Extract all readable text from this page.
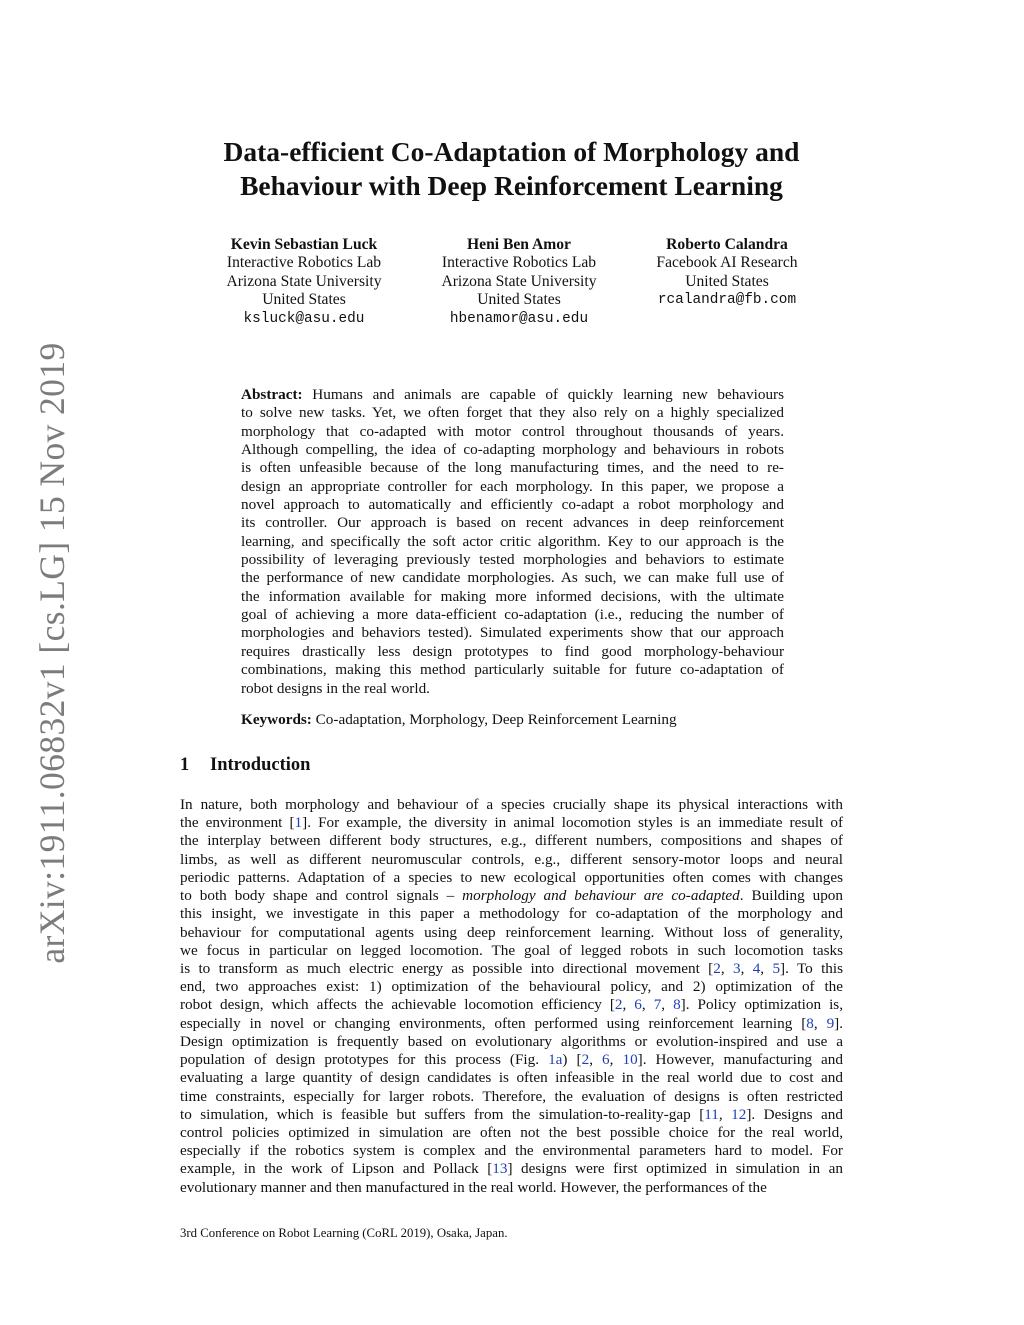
arXiv:1911.06832v1 [cs.LG] 15 Nov 2019
Data-efficient Co-Adaptation of Morphology and
Behaviour with Deep Reinforcement Learning
Kevin Sebastian Luck
Interactive Robotics Lab
Arizona State University
United States
ksluck@asu.edu
Heni Ben Amor
Interactive Robotics Lab
Arizona State University
United States
hbenamor@asu.edu
Roberto Calandra
Facebook AI Research
United States
rcalandra@fb.com
Abstract: Humans and animals are capable of quickly learning new behaviours
to solve new tasks. Yet, we often forget that they also rely on a highly specialized
morphology that co-adapted with motor control throughout thousands of years.
Although compelling, the idea of co-adapting morphology and behaviours in robots
is often unfeasible because of the long manufacturing times, and the need to re-
design an appropriate controller for each morphology. In this paper, we propose a
novel approach to automatically and efficiently co-adapt a robot morphology and
its controller. Our approach is based on recent advances in deep reinforcement
learning, and specifically the soft actor critic algorithm. Key to our approach is the
possibility of leveraging previously tested morphologies and behaviors to estimate
the performance of new candidate morphologies. As such, we can make full use of
the information available for making more informed decisions, with the ultimate
goal of achieving a more data-efficient co-adaptation (i.e., reducing the number of
morphologies and behaviors tested). Simulated experiments show that our approach
requires drastically less design prototypes to find good morphology-behaviour
combinations, making this method particularly suitable for future co-adaptation of
robot designs in the real world.
Keywords: Co-adaptation, Morphology, Deep Reinforcement Learning
1 Introduction
In nature, both morphology and behaviour of a species crucially shape its physical interactions with
the environment [1]. For example, the diversity in animal locomotion styles is an immediate result of
the interplay between different body structures, e.g., different numbers, compositions and shapes of
limbs, as well as different neuromuscular controls, e.g., different sensory-motor loops and neural
periodic patterns. Adaptation of a species to new ecological opportunities often comes with changes
to both body shape and control signals – morphology and behaviour are co-adapted. Building upon
this insight, we investigate in this paper a methodology for co-adaptation of the morphology and
behaviour for computational agents using deep reinforcement learning. Without loss of generality,
we focus in particular on legged locomotion. The goal of legged robots in such locomotion tasks
is to transform as much electric energy as possible into directional movement [2, 3, 4, 5]. To this
end, two approaches exist: 1) optimization of the behavioural policy, and 2) optimization of the
robot design, which affects the achievable locomotion efficiency [2, 6, 7, 8]. Policy optimization is,
especially in novel or changing environments, often performed using reinforcement learning [8, 9].
Design optimization is frequently based on evolutionary algorithms or evolution-inspired and use a
population of design prototypes for this process (Fig. 1a) [2, 6, 10]. However, manufacturing and
evaluating a large quantity of design candidates is often infeasible in the real world due to cost and
time constraints, especially for larger robots. Therefore, the evaluation of designs is often restricted
to simulation, which is feasible but suffers from the simulation-to-reality-gap [11, 12]. Designs and
control policies optimized in simulation are often not the best possible choice for the real world,
especially if the robotics system is complex and the environmental parameters hard to model. For
example, in the work of Lipson and Pollack [13] designs were first optimized in simulation in an
evolutionary manner and then manufactured in the real world. However, the performances of the
3rd Conference on Robot Learning (CoRL 2019), Osaka, Japan.
